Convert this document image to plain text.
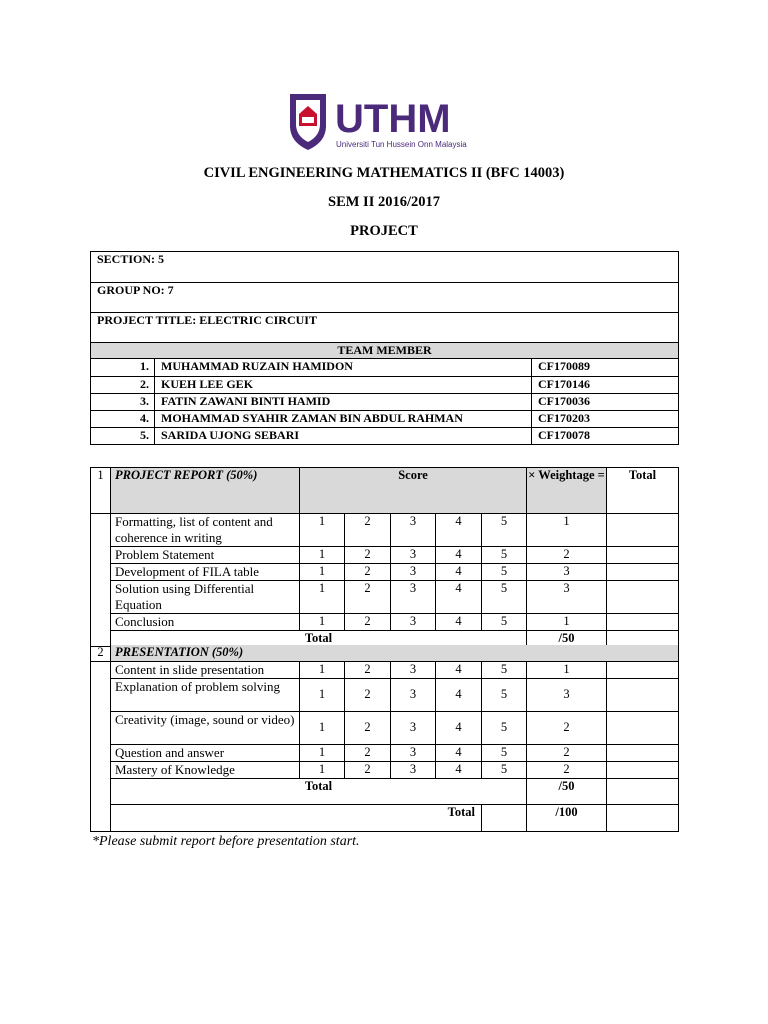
UTHM
Universiti Tun Hussein Onn Malaysia
CIVIL ENGINEERING MATHEMATICS II (BFC 14003)
SEM II 2016/2017
PROJECT
SECTION: 5
GROUP NO: 7
PROJECT TITLE: ELECTRIC CIRCUIT
TEAM MEMBER

1.	MUHAMMAD RUZAIN HAMIDON	CF170089
2.	KUEH LEE GEK	CF170146
3.	FATIN ZAWANI BINTI HAMID	CF170036
4.	MOHAMMAD SYAHIR ZAMAN BIN ABDUL RAHMAN	CF170203
5.	SARIDA UJONG SEBARI	CF170078
1	PROJECT REPORT (50%)	Score					× Weightage =	Total
	Formatting, list of content and coherence in writing	1	2	3	4	5	1	
	Problem Statement	1	2	3	4	5	2	
	Development of FILA table	1	2	3	4	5	3	
	Solution using Differential Equation	1	2	3	4	5	3	
	Conclusion	1	2	3	4	5	1	
	Total						/50	
2	PRESENTATION (50%)							
	Content in slide presentation	1	2	3	4	5	1	
	Explanation of problem solving	1	2	3	4	5	3	
	Creativity (image, sound or video)	1	2	3	4	5	2	
	Question and answer	1	2	3	4	5	2	
	Mastery of Knowledge	1	2	3	4	5	2	
	Total						/50	
	Total						/100	
*Please submit report before presentation start.
